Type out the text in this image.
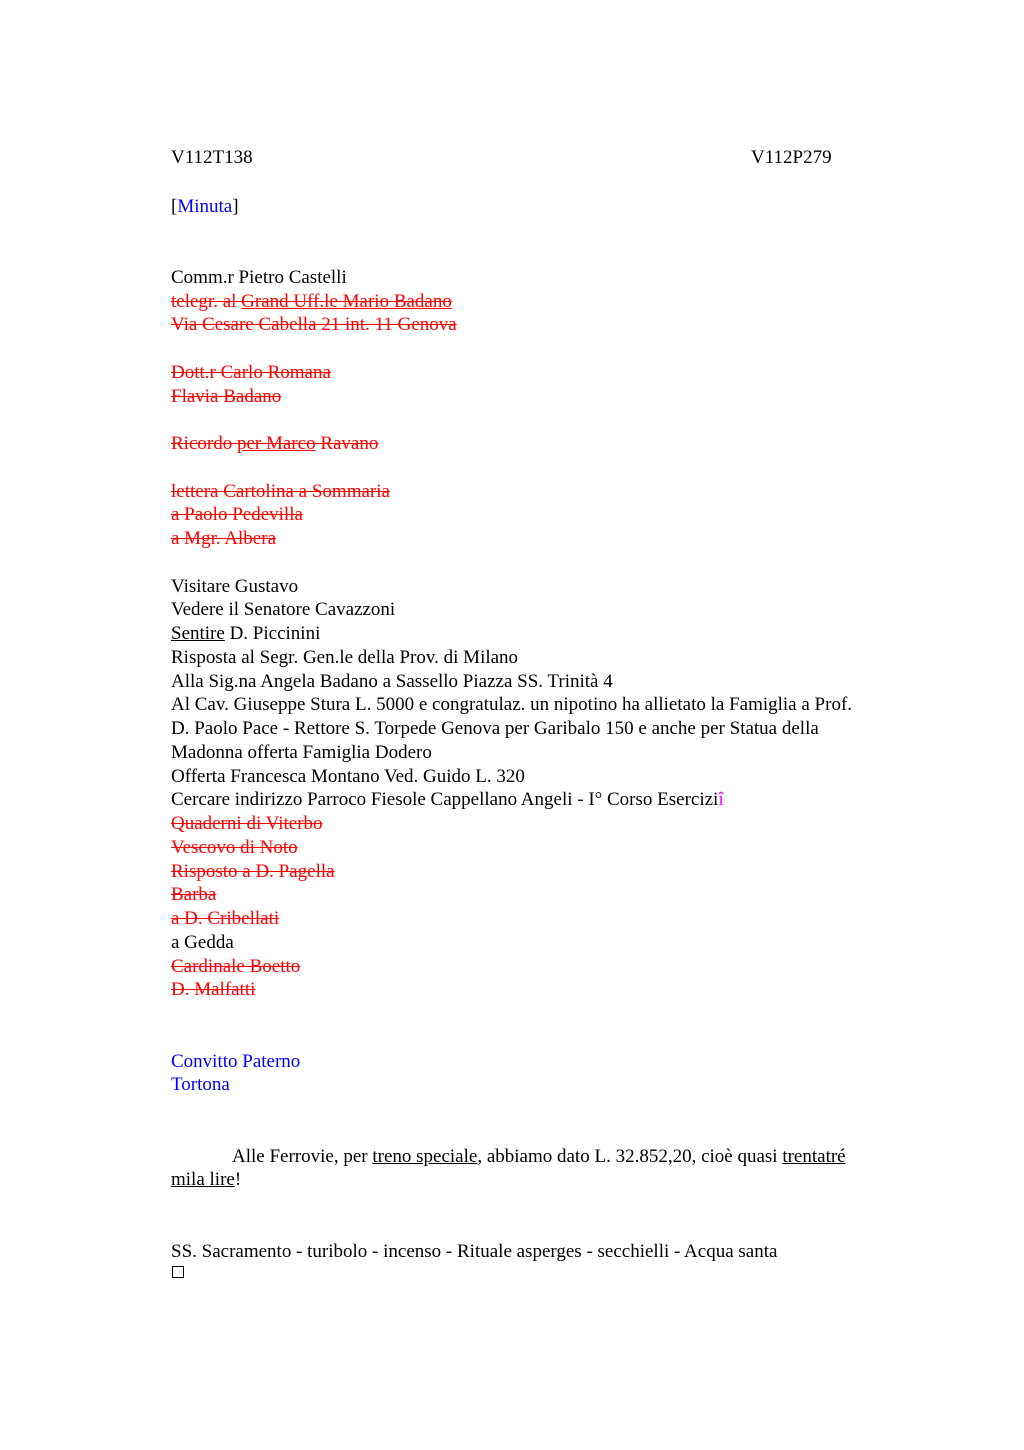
V112T138	V112P279
[Minuta]
Comm.r Pietro Castelli
telegr. al Grand Uff.le Mario Badano
Via Cesare Cabella 21 int. 11 Genova
Dott.r Carlo Romana
Flavia Badano
Ricordo per Marco Ravano
lettera Cartolina a Sommaria
a Paolo Pedevilla
a Mgr. Albera
Visitare Gustavo
Vedere il Senatore Cavazzoni
Sentire D. Piccinini
Risposta al Segr. Gen.le della Prov. di Milano
Alla Sig.na Angela Badano a Sassello Piazza SS. Trinità 4
Al Cav. Giuseppe Stura L. 5000 e congratulaz. un nipotino ha allietato la Famiglia a Prof.
D. Paolo Pace - Rettore S. Torpede Genova per Garibalo 150 e anche per Statua della
Madonna offerta Famiglia Dodero
Offerta Francesca Montano Ved. Guido L. 320
Cercare indirizzo Parroco Fiesole Cappellano Angeli - I° Corso Eserciziî
Quaderni di Viterbo
Vescovo di Noto
Risposto a D. Pagella
Barba
a D. Cribellati
a Gedda
Cardinale Boetto
D. Malfatti
Convitto Paterno
Tortona
Alle Ferrovie, per treno speciale, abbiamo dato L. 32.852,20, cioè quasi trentatré
mila lire!
SS. Sacramento - turibolo - incenso - Rituale asperges - secchielli - Acqua santa
